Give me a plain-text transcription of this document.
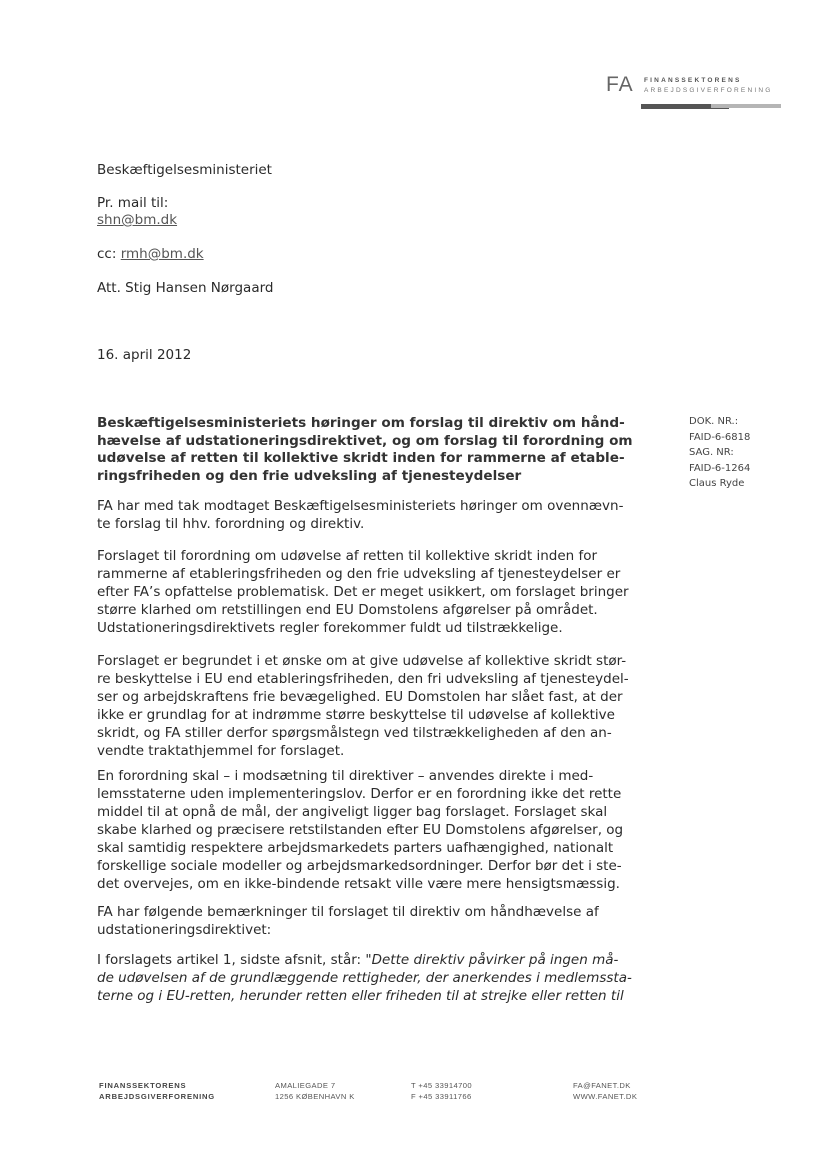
FA FINANSSEKTORENS
ARBEJDSGIVERFORENING
Beskæftigelsesministeriet
Pr. mail til:
shn@bm.dk
cc: rmh@bm.dk
Att. Stig Hansen Nørgaard
16. april 2012
Beskæftigelsesministeriets høringer om forslag til direktiv om hånd-
hævelse af udstationeringsdirektivet, og om forslag til forordning om
udøvelse af retten til kollektive skridt inden for rammerne af etable-
ringsfriheden og den frie udveksling af tjenesteydelser
DOK. NR.:
FAID-6-6818
SAG. NR:
FAID-6-1264
Claus Ryde
FA har med tak modtaget Beskæftigelsesministeriets høringer om ovennævn-
te forslag til hhv. forordning og direktiv.
Forslaget til forordning om udøvelse af retten til kollektive skridt inden for
rammerne af etableringsfriheden og den frie udveksling af tjenesteydelser er
efter FA’s opfattelse problematisk. Det er meget usikkert, om forslaget bringer
større klarhed om retstillingen end EU Domstolens afgørelser på området.
Udstationeringsdirektivets regler forekommer fuldt ud tilstrækkelige.
Forslaget er begrundet i et ønske om at give udøvelse af kollektive skridt stør-
re beskyttelse i EU end etableringsfriheden, den fri udveksling af tjenesteydel-
ser og arbejdskraftens frie bevægelighed. EU Domstolen har slået fast, at der
ikke er grundlag for at indrømme større beskyttelse til udøvelse af kollektive
skridt, og FA stiller derfor spørgsmålstegn ved tilstrækkeligheden af den an-
vendte traktathjemmel for forslaget.
En forordning skal – i modsætning til direktiver – anvendes direkte i med-
lemsstaterne uden implementeringslov. Derfor er en forordning ikke det rette
middel til at opnå de mål, der angiveligt ligger bag forslaget. Forslaget skal
skabe klarhed og præcisere retstilstanden efter EU Domstolens afgørelser, og
skal samtidig respektere arbejdsmarkedets parters uafhængighed, nationalt
forskellige sociale modeller og arbejdsmarkedsordninger. Derfor bør det i ste-
det overvejes, om en ikke-bindende retsakt ville være mere hensigtsmæssig.
FA har følgende bemærkninger til forslaget til direktiv om håndhævelse af
udstationeringsdirektivet:
I forslagets artikel 1, sidste afsnit, står: "Dette direktiv påvirker på ingen må-
de udøvelsen af de grundlæggende rettigheder, der anerkendes i medlemssta-
terne og i EU-retten, herunder retten eller friheden til at strejke eller retten til
FINANSSEKTORENS
ARBEJDSGIVERFORENING
AMALIEGADE 7
1256 KØBENHAVN K
T +45 33914700
F +45 33911766
FA@FANET.DK
WWW.FANET.DK
